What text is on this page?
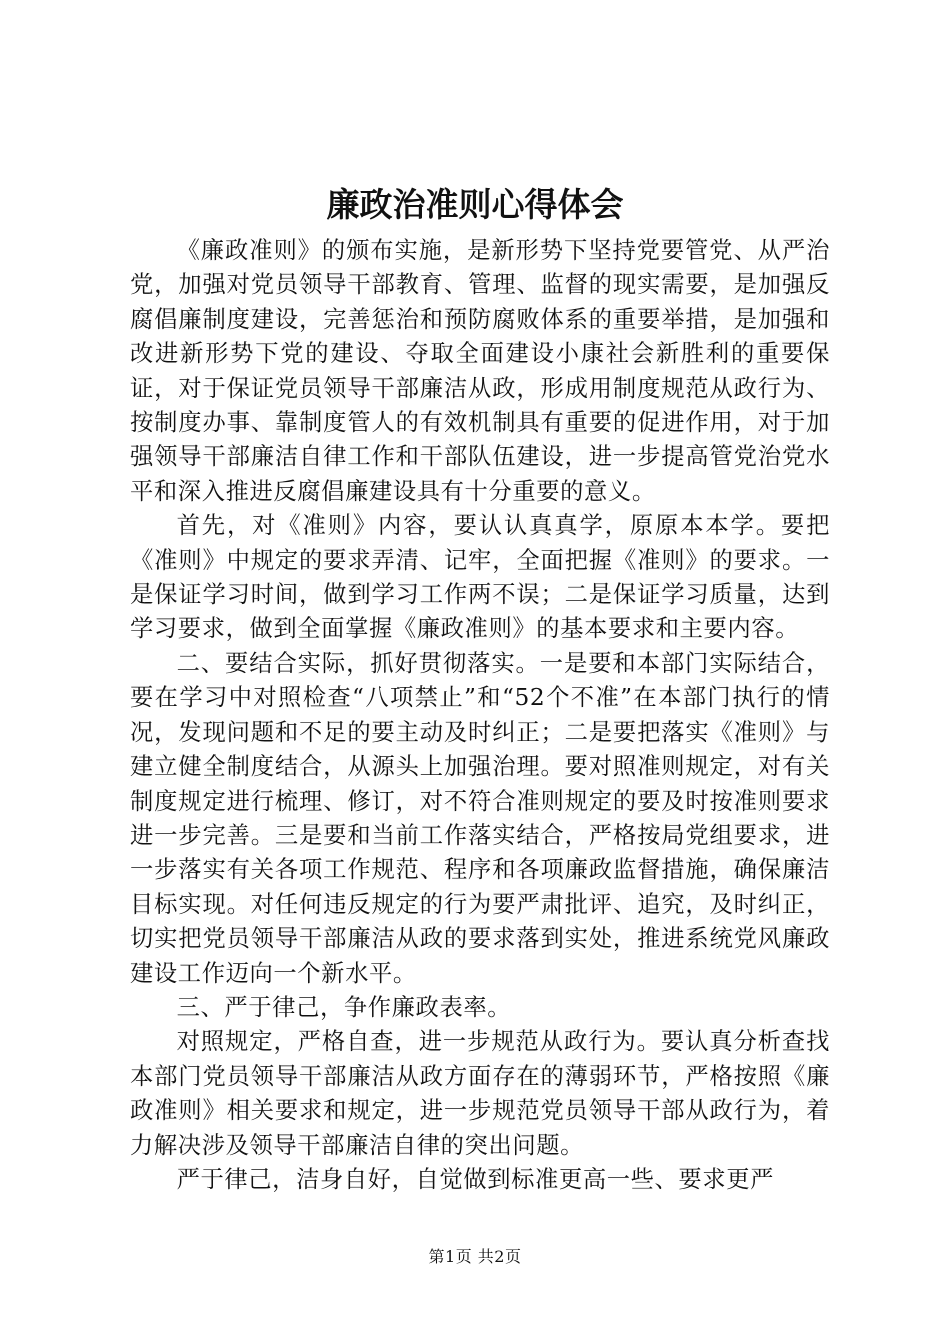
廉政治准则心得体会

《廉政准则》的颁布实施，是新形势下坚持党要管党、从严治党，加强对党员领导干部教育、管理、监督的现实需要，是加强反腐倡廉制度建设，完善惩治和预防腐败体系的重要举措，是加强和改进新形势下党的建设、夺取全面建设小康社会新胜利的重要保证，对于保证党员领导干部廉洁从政，形成用制度规范从政行为、按制度办事、靠制度管人的有效机制具有重要的促进作用，对于加强领导干部廉洁自律工作和干部队伍建设，进一步提高管党治党水平和深入推进反腐倡廉建设具有十分重要的意义。

首先，对《准则》内容，要认认真真学，原原本本学。要把《准则》中规定的要求弄清、记牢，全面把握《准则》的要求。一是保证学习时间，做到学习工作两不误；二是保证学习质量，达到学习要求，做到全面掌握《廉政准则》的基本要求和主要内容。

二、要结合实际，抓好贯彻落实。一是要和本部门实际结合，要在学习中对照检查“八项禁止”和“52个不准”在本部门执行的情况，发现问题和不足的要主动及时纠正；二是要把落实《准则》与建立健全制度结合，从源头上加强治理。要对照准则规定，对有关制度规定进行梳理、修订，对不符合准则规定的要及时按准则要求进一步完善。三是要和当前工作落实结合，严格按局党组要求，进一步落实有关各项工作规范、程序和各项廉政监督措施，确保廉洁目标实现。对任何违反规定的行为要严肃批评、追究，及时纠正，切实把党员领导干部廉洁从政的要求落到实处，推进系统党风廉政建设工作迈向一个新水平。

三、严于律己，争作廉政表率。

对照规定，严格自查，进一步规范从政行为。要认真分析查找本部门党员领导干部廉洁从政方面存在的薄弱环节，严格按照《廉政准则》相关要求和规定，进一步规范党员领导干部从政行为，着力解决涉及领导干部廉洁自律的突出问题。

严于律己，洁身自好，自觉做到标准更高一些、要求更严

第1页 共2页
